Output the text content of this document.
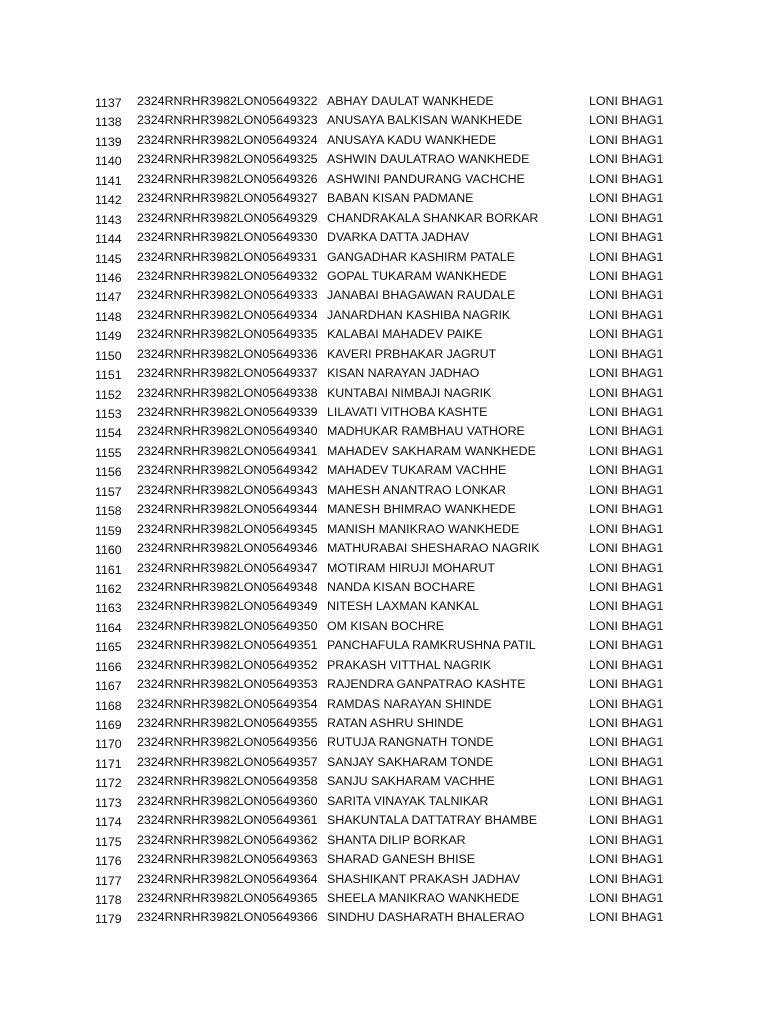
1137	2324RNRHR3982LON05649322 ABHAY DAULAT WANKHEDE	LONI BHAG1
1138	2324RNRHR3982LON05649323 ANUSAYA BALKISAN WANKHEDE	LONI BHAG1
1139	2324RNRHR3982LON05649324 ANUSAYA KADU WANKHEDE	LONI BHAG1
1140	2324RNRHR3982LON05649325 ASHWIN DAULATRAO WANKHEDE	LONI BHAG1
1141	2324RNRHR3982LON05649326 ASHWINI PANDURANG VACHCHE	LONI BHAG1
1142	2324RNRHR3982LON05649327 BABAN KISAN PADMANE	LONI BHAG1
1143	2324RNRHR3982LON05649329 CHANDRAKALA SHANKAR BORKAR	LONI BHAG1
1144	2324RNRHR3982LON05649330 DVARKA DATTA JADHAV	LONI BHAG1
1145	2324RNRHR3982LON05649331 GANGADHAR KASHIRM PATALE	LONI BHAG1
1146	2324RNRHR3982LON05649332 GOPAL TUKARAM WANKHEDE	LONI BHAG1
1147	2324RNRHR3982LON05649333 JANABAI BHAGAWAN RAUDALE	LONI BHAG1
1148	2324RNRHR3982LON05649334 JANARDHAN KASHIBA NAGRIK	LONI BHAG1
1149	2324RNRHR3982LON05649335 KALABAI MAHADEV PAIKE	LONI BHAG1
1150	2324RNRHR3982LON05649336 KAVERI PRBHAKAR JAGRUT	LONI BHAG1
1151	2324RNRHR3982LON05649337 KISAN NARAYAN JADHAO	LONI BHAG1
1152	2324RNRHR3982LON05649338 KUNTABAI NIMBAJI NAGRIK	LONI BHAG1
1153	2324RNRHR3982LON05649339 LILAVATI VITHOBA KASHTE	LONI BHAG1
1154	2324RNRHR3982LON05649340 MADHUKAR RAMBHAU VATHORE	LONI BHAG1
1155	2324RNRHR3982LON05649341 MAHADEV SAKHARAM WANKHEDE	LONI BHAG1
1156	2324RNRHR3982LON05649342 MAHADEV TUKARAM VACHHE	LONI BHAG1
1157	2324RNRHR3982LON05649343 MAHESH ANANTRAO LONKAR	LONI BHAG1
1158	2324RNRHR3982LON05649344 MANESH BHIMRAO WANKHEDE	LONI BHAG1
1159	2324RNRHR3982LON05649345 MANISH MANIKRAO WANKHEDE	LONI BHAG1
1160	2324RNRHR3982LON05649346 MATHURABAI SHESHARAO NAGRIK	LONI BHAG1
1161	2324RNRHR3982LON05649347 MOTIRAM HIRUJI MOHARUT	LONI BHAG1
1162	2324RNRHR3982LON05649348 NANDA KISAN BOCHARE	LONI BHAG1
1163	2324RNRHR3982LON05649349 NITESH LAXMAN KANKAL	LONI BHAG1
1164	2324RNRHR3982LON05649350 OM KISAN BOCHRE	LONI BHAG1
1165	2324RNRHR3982LON05649351 PANCHAFULA RAMKRUSHNA PATIL	LONI BHAG1
1166	2324RNRHR3982LON05649352 PRAKASH VITTHAL NAGRIK	LONI BHAG1
1167	2324RNRHR3982LON05649353 RAJENDRA GANPATRAO KASHTE	LONI BHAG1
1168	2324RNRHR3982LON05649354 RAMDAS NARAYAN SHINDE	LONI BHAG1
1169	2324RNRHR3982LON05649355 RATAN ASHRU SHINDE	LONI BHAG1
1170	2324RNRHR3982LON05649356 RUTUJA RANGNATH TONDE	LONI BHAG1
1171	2324RNRHR3982LON05649357 SANJAY SAKHARAM TONDE	LONI BHAG1
1172	2324RNRHR3982LON05649358 SANJU SAKHARAM VACHHE	LONI BHAG1
1173	2324RNRHR3982LON05649360 SARITA VINAYAK TALNIKAR	LONI BHAG1
1174	2324RNRHR3982LON05649361 SHAKUNTALA DATTATRAY BHAMBE	LONI BHAG1
1175	2324RNRHR3982LON05649362 SHANTA DILIP BORKAR	LONI BHAG1
1176	2324RNRHR3982LON05649363 SHARAD GANESH BHISE	LONI BHAG1
1177	2324RNRHR3982LON05649364 SHASHIKANT PRAKASH JADHAV	LONI BHAG1
1178	2324RNRHR3982LON05649365 SHEELA MANIKRAO WANKHEDE	LONI BHAG1
1179	2324RNRHR3982LON05649366 SINDHU DASHARATH BHALERAO	LONI BHAG1
